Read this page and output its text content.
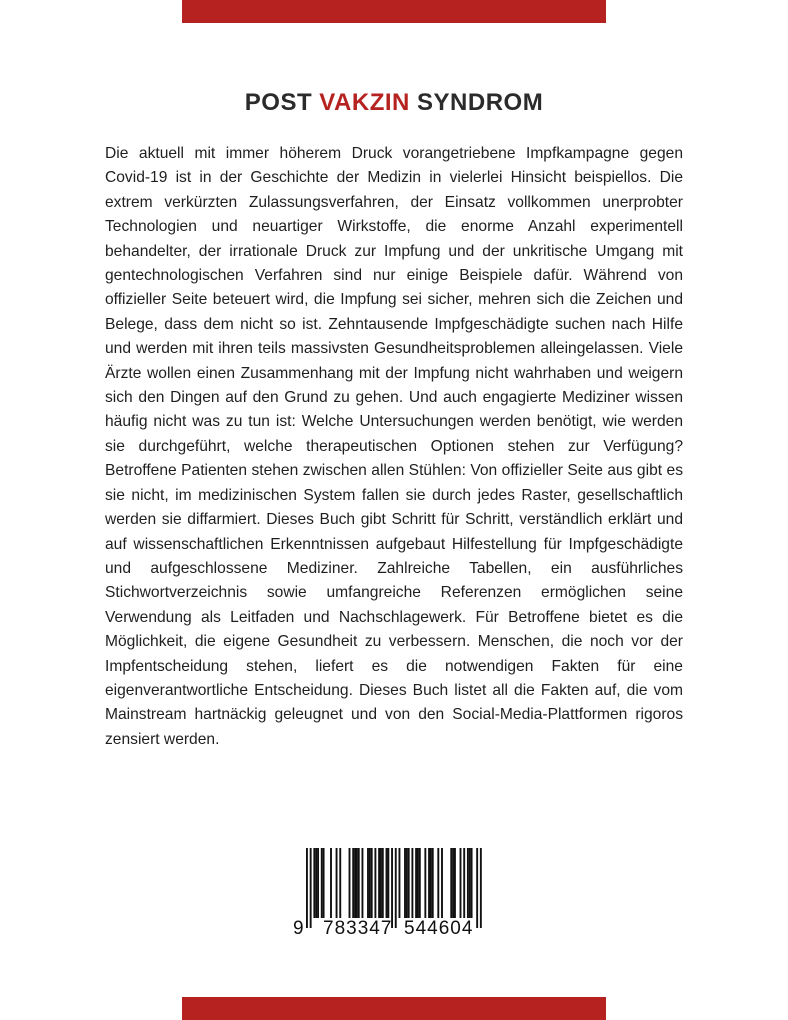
POST VAKZIN SYNDROM
Die aktuell mit immer höherem Druck vorangetriebene Impfkampagne gegen Covid-19 ist in der Geschichte der Medizin in vielerlei Hinsicht beispiellos. Die extrem verkürzten Zulassungsverfahren, der Einsatz vollkommen unerprobter Technologien und neuartiger Wirkstoffe, die enorme Anzahl experimentell behandelter, der irrationale Druck zur Impfung und der unkritische Umgang mit gentechnologischen Verfahren sind nur einige Beispiele dafür. Während von offizieller Seite beteuert wird, die Impfung sei sicher, mehren sich die Zeichen und Belege, dass dem nicht so ist. Zehntausende Impfgeschädigte suchen nach Hilfe und werden mit ihren teils massivsten Gesundheitsproblemen alleingelassen. Viele Ärzte wollen einen Zusammenhang mit der Impfung nicht wahrhaben und weigern sich den Dingen auf den Grund zu gehen. Und auch engagierte Mediziner wissen häufig nicht was zu tun ist: Welche Untersuchungen werden benötigt, wie werden sie durchgeführt, welche therapeutischen Optionen stehen zur Verfügung? Betroffene Patienten stehen zwischen allen Stühlen: Von offizieller Seite aus gibt es sie nicht, im medizinischen System fallen sie durch jedes Raster, gesellschaftlich werden sie diffarmiert. Dieses Buch gibt Schritt für Schritt, verständlich erklärt und auf wissenschaftlichen Erkenntnissen aufgebaut Hilfestellung für Impfgeschädigte und aufgeschlossene Mediziner. Zahlreiche Tabellen, ein ausführliches Stichwortverzeichnis sowie umfangreiche Referenzen ermöglichen seine Verwendung als Leitfaden und Nachschlagewerk. Für Betroffene bietet es die Möglichkeit, die eigene Gesundheit zu verbessern. Menschen, die noch vor der Impfentscheidung stehen, liefert es die notwendigen Fakten für eine eigenverantwortliche Entscheidung. Dieses Buch listet all die Fakten auf, die vom Mainstream hartnäckig geleugnet und von den Social-Media-Plattformen rigoros zensiert werden.
9 783347 544604
